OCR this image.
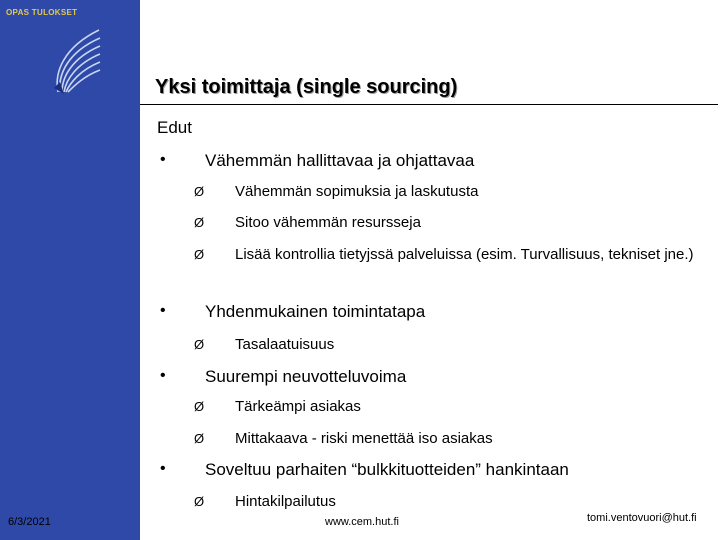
OPAS TULOKSET
6/3/2021
Yksi toimittaja (single sourcing)
Edut
• Vähemmän hallittavaa ja ohjattavaa
Ø Vähemmän sopimuksia ja laskutusta
Ø Sitoo vähemmän resursseja
Ø Lisää kontrollia tietyjssä palveluissa (esim. Turvallisuus, tekniset jne.)
• Yhdenmukainen toimintatapa
Ø Tasalaatuisuus
• Suurempi neuvotteluvoima
Ø Tärkeämpi asiakas
Ø Mittakaava - riski menettää iso asiakas
• Soveltuu parhaiten “bulkkituotteiden” hankintaan
Ø Hintakilpailutus
www.cem.hut.fi	tomi.ventovuori@hut.fi
